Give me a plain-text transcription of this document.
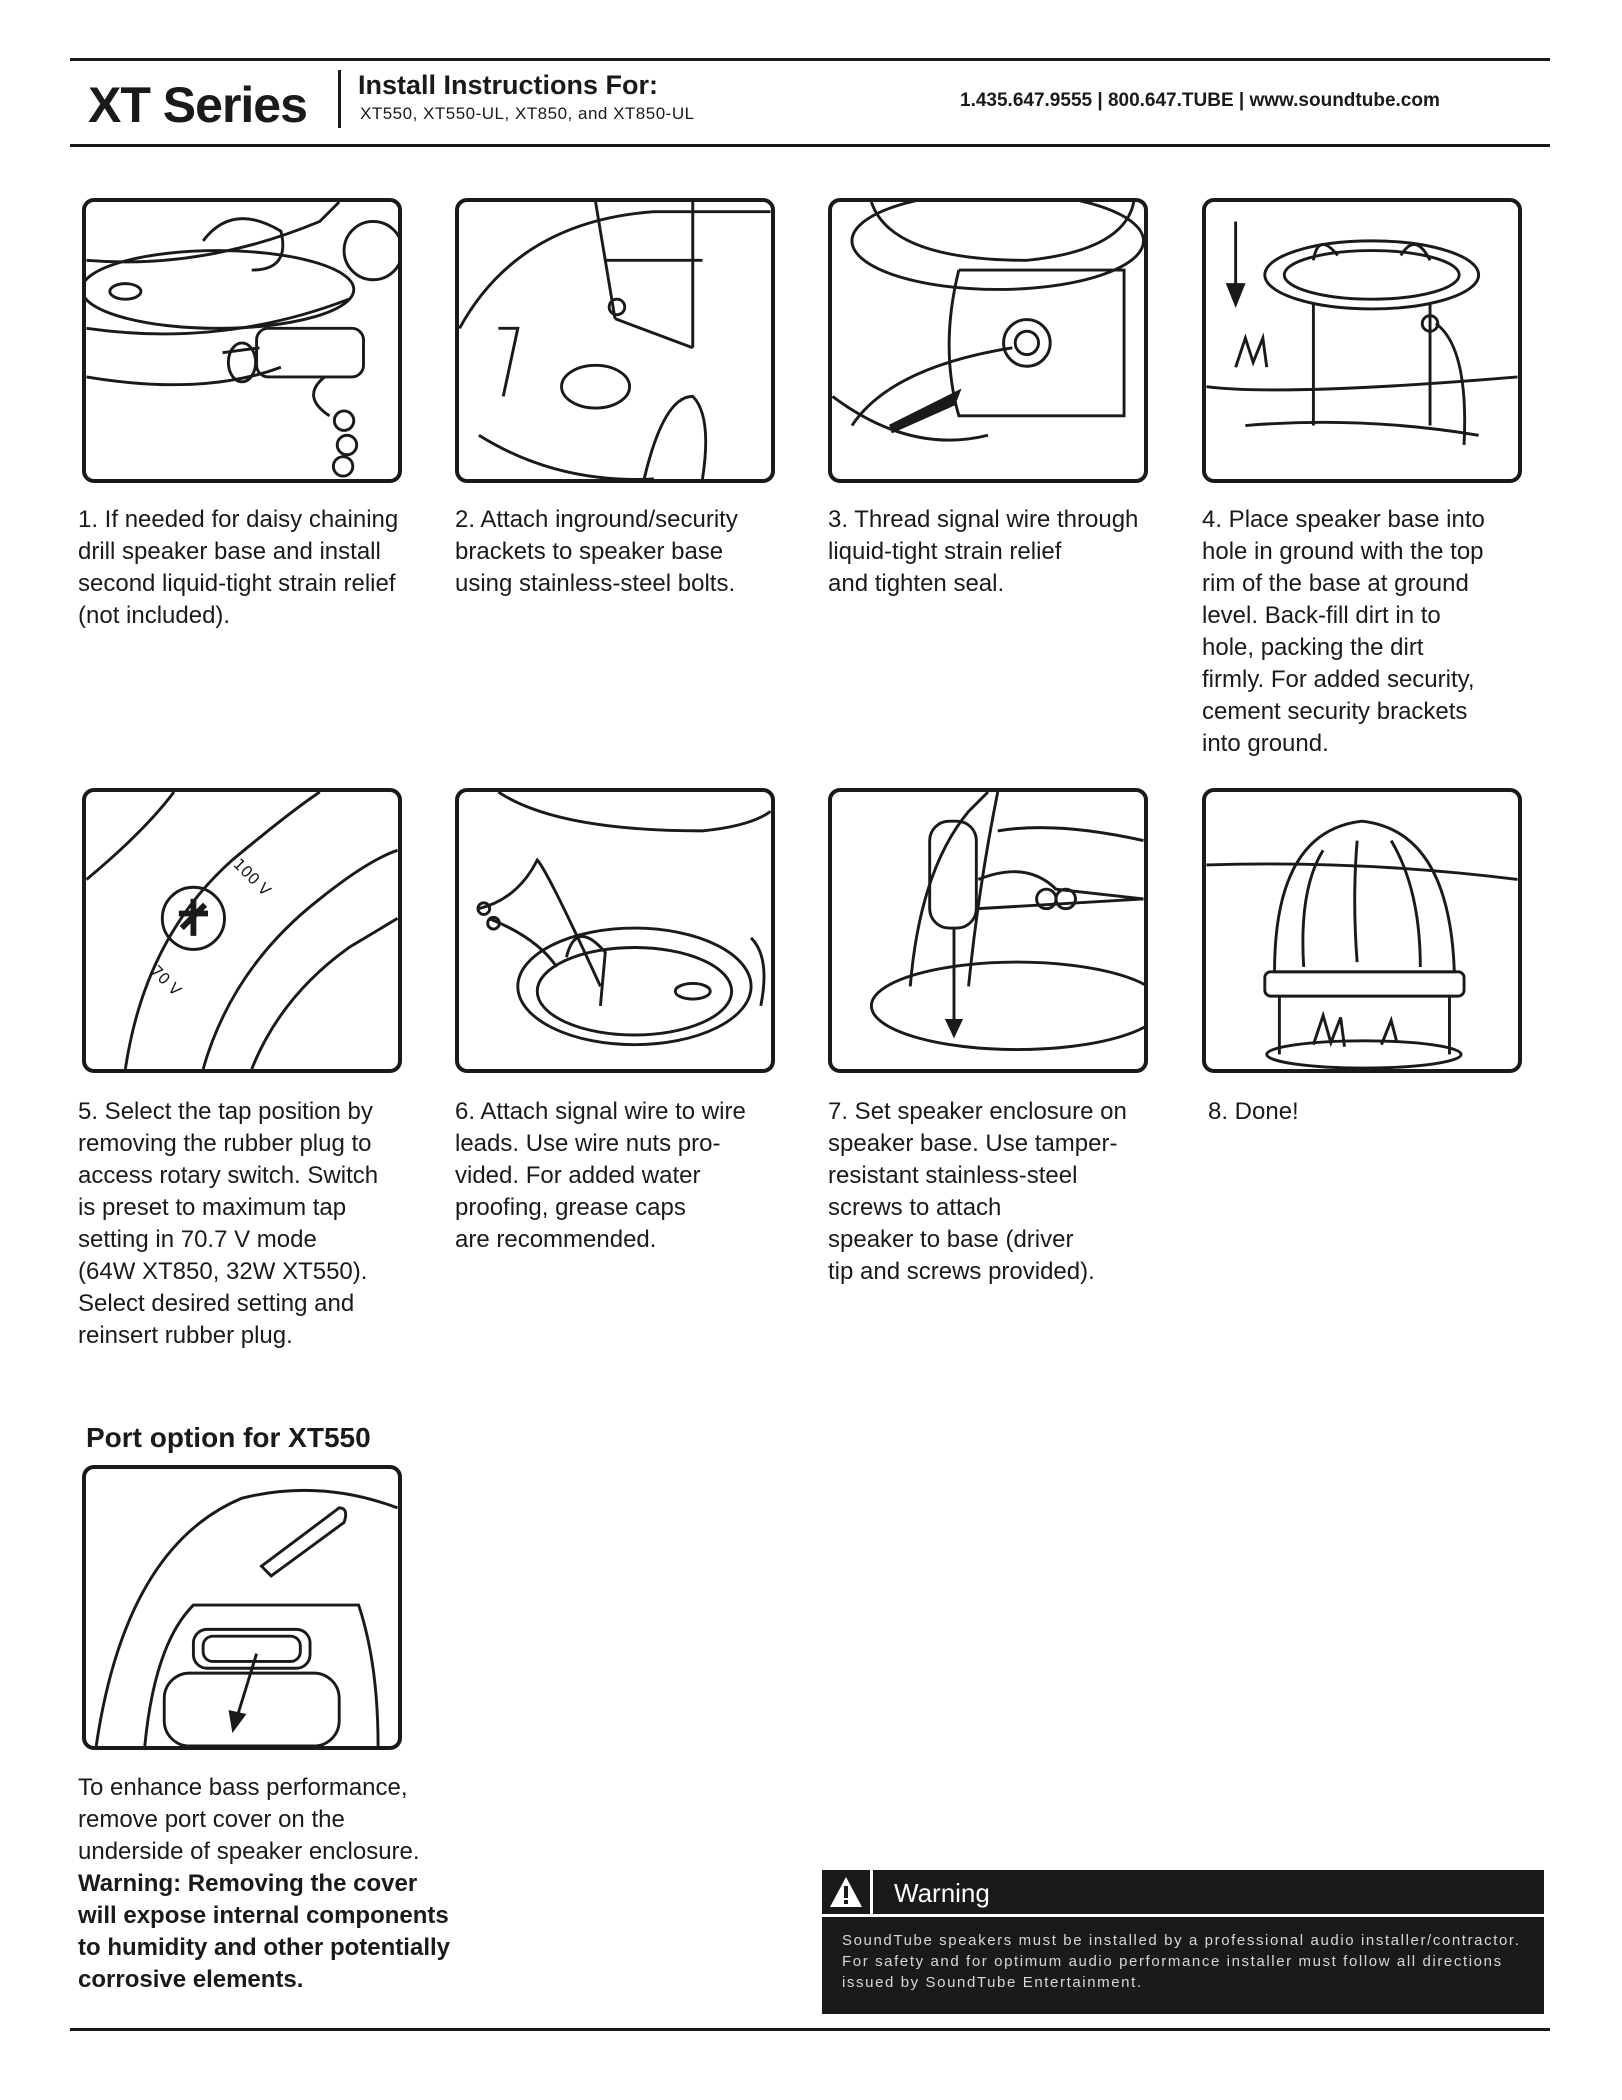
XT Series Install Instructions For:
XT550, XT550-UL, XT850, and XT850-UL
1.435.647.9555 | 800.647.TUBE | www.soundtube.com
1. If needed for daisy chaining
drill speaker base and install
second liquid-tight strain relief
(not included).
2. Attach inground/security
brackets to speaker base
using stainless-steel bolts.
3. Thread signal wire through
liquid-tight strain relief
and tighten seal.
4. Place speaker base into
hole in ground with the top
rim of the base at ground
level. Back-fill dirt in to
hole, packing the dirt
firmly. For added security,
cement security brackets
into ground.
100 V
70 V
5. Select the tap position by
removing the rubber plug to
access rotary switch. Switch
is preset to maximum tap
setting in 70.7 V mode
(64W XT850, 32W XT550).
Select desired setting and
reinsert rubber plug.
6. Attach signal wire to wire
leads. Use wire nuts pro-
vided. For added water
proofing, grease caps
are recommended.
7. Set speaker enclosure on
speaker base. Use tamper-
resistant stainless-steel
screws to attach
speaker to base (driver
tip and screws provided).
8. Done!
Port option for XT550
To enhance bass performance,
remove port cover on the
underside of speaker enclosure.
Warning: Removing the cover
will expose internal components
to humidity and other potentially
corrosive elements.
Warning
SoundTube speakers must be installed by a professional audio installer/contractor. For safety and for optimum audio performance installer must follow all directions issued by SoundTube Entertainment.
